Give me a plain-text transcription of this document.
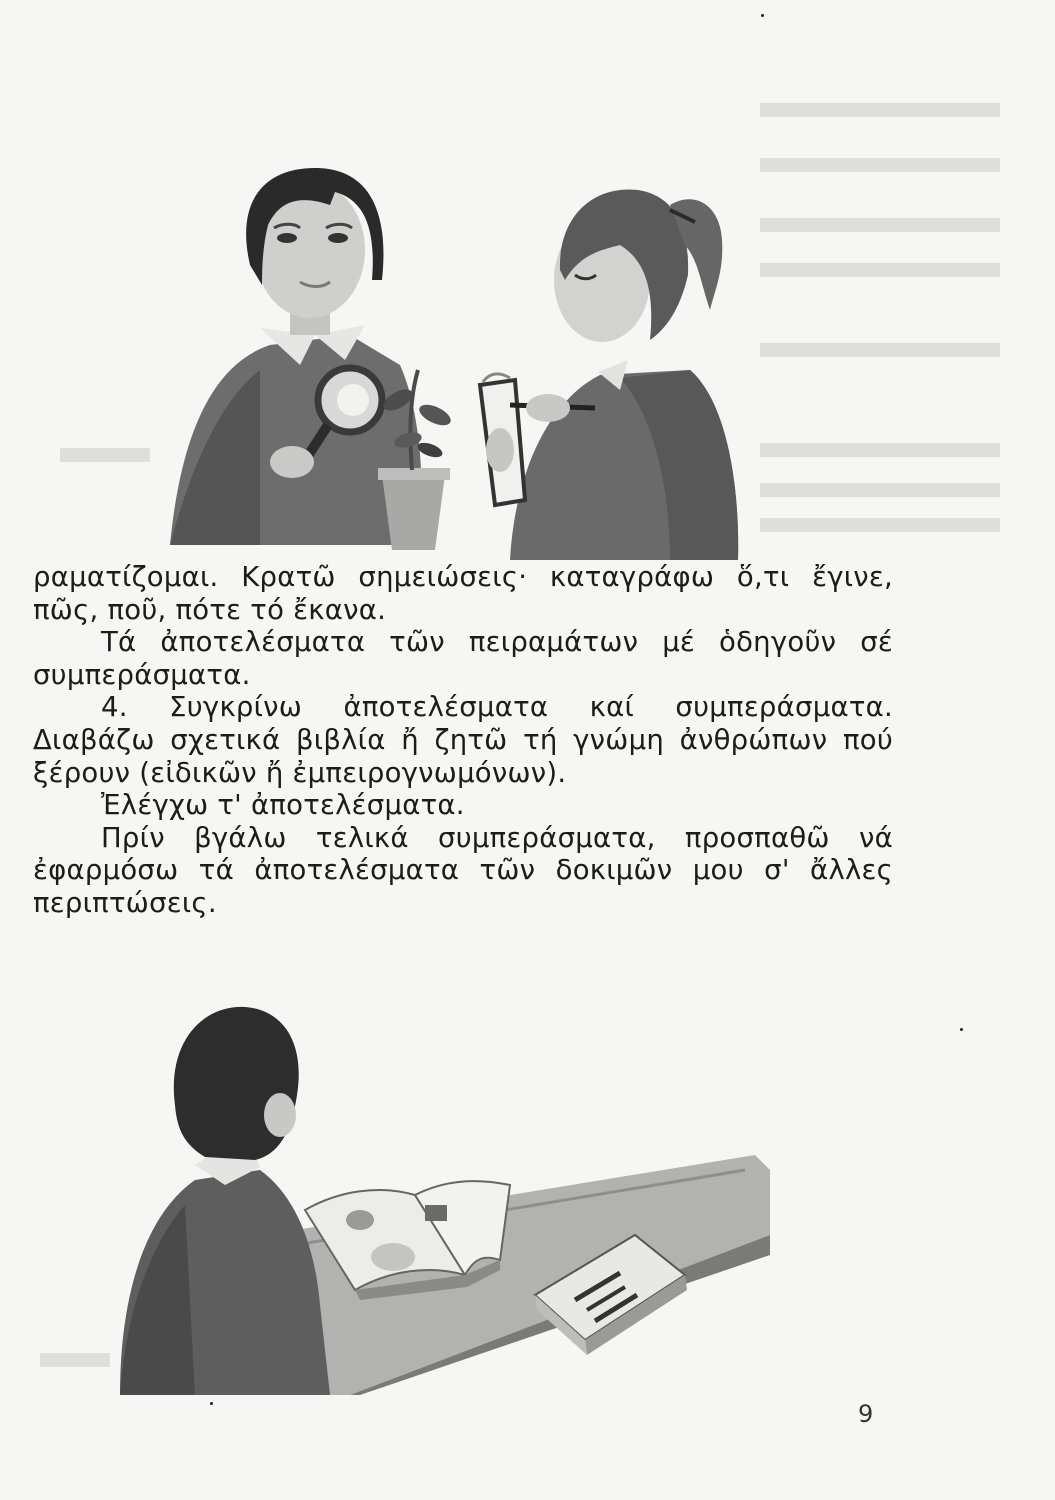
ραματίζομαι. Κρατῶ σημειώσεις· καταγράφω ὅ,τι ἔγινε, πῶς, ποῦ, πότε τό ἔκανα.

Τά ἀποτελέσματα τῶν πειραμάτων μέ ὁδηγοῦν σέ συμπεράσματα.

4. Συγκρίνω ἀποτελέσματα καί συμπεράσματα. Διαβάζω σχετικά βιβλία ἤ ζητῶ τή γνώμη ἀνθρώπων πού ξέρουν (εἰδικῶν ἤ ἐμπειρογνωμόνων).

Ἐλέγχω τ' ἀποτελέσματα.

Πρίν βγάλω τελικά συμπεράσματα, προσπαθῶ νά ἐφαρμόσω τά ἀποτελέσματα τῶν δοκιμῶν μου σ' ἄλλες περιπτώσεις.

9
